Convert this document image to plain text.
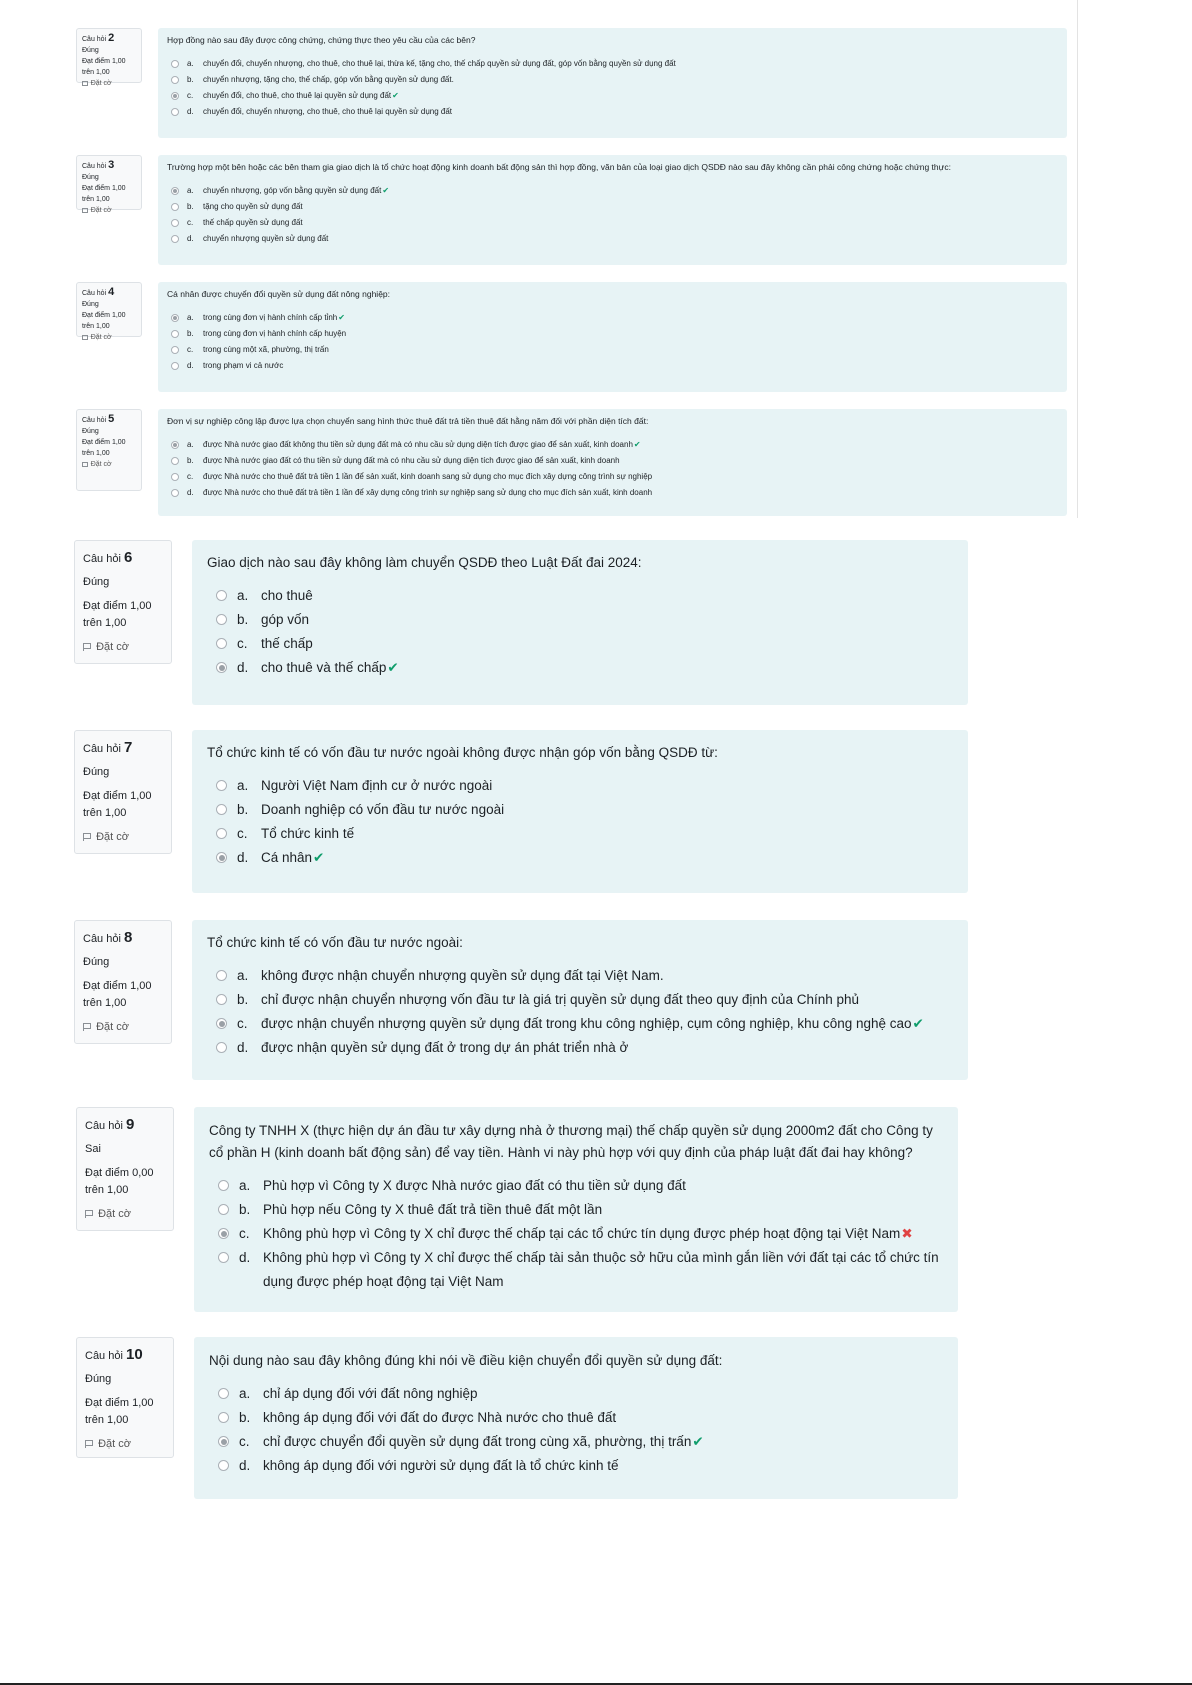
Câu hỏi 2
Đúng
Đạt điểm 1,00
trên 1,00
Đặt cờ
Hợp đồng nào sau đây được công chứng, chứng thực theo yêu cầu của các bên?
a.	chuyển đổi, chuyển nhượng, cho thuê, cho thuê lại, thừa kế, tặng cho, thế chấp quyền sử dụng đất, góp vốn bằng quyền sử dụng đất
b.	chuyển nhượng, tặng cho, thế chấp, góp vốn bằng quyền sử dụng đất.
c.	chuyển đổi, cho thuê, cho thuê lại quyền sử dụng đất✔
d.	chuyển đổi, chuyển nhượng, cho thuê, cho thuê lại quyền sử dụng đất
Câu hỏi 3
Đúng
Đạt điểm 1,00
trên 1,00
Đặt cờ
Trường hợp một bên hoặc các bên tham gia giao dịch là tổ chức hoạt động kinh doanh bất động sản thì hợp đồng, văn bản của loại giao dịch QSDĐ nào sau đây không cần phải công chứng hoặc chứng thực:
a.	chuyển nhượng, góp vốn bằng quyền sử dụng đất✔
b.	tặng cho quyền sử dụng đất
c.	thế chấp quyền sử dụng đất
d.	chuyển nhượng quyền sử dụng đất
Câu hỏi 4
Đúng
Đạt điểm 1,00
trên 1,00
Đặt cờ
Cá nhân được chuyển đổi quyền sử dụng đất nông nghiệp:
a.	trong cùng đơn vị hành chính cấp tỉnh✔
b.	trong cùng đơn vị hành chính cấp huyện
c.	trong cùng một xã, phường, thị trấn
d.	trong phạm vi cả nước
Câu hỏi 5
Đúng
Đạt điểm 1,00
trên 1,00
Đặt cờ
Đơn vị sự nghiệp công lập được lựa chọn chuyển sang hình thức thuê đất trả tiền thuê đất hằng năm đối với phần diện tích đất:
a.	được Nhà nước giao đất không thu tiền sử dụng đất mà có nhu cầu sử dụng diện tích được giao để sản xuất, kinh doanh✔
b.	được Nhà nước giao đất có thu tiền sử dụng đất mà có nhu cầu sử dụng diện tích được giao để sản xuất, kinh doanh
c.	được Nhà nước cho thuê đất trả tiền 1 lần để sản xuất, kinh doanh sang sử dụng cho mục đích xây dựng công trình sự nghiệp
d.	được Nhà nước cho thuê đất trả tiền 1 lần để xây dựng công trình sự nghiệp sang sử dụng cho mục đích sản xuất, kinh doanh
Câu hỏi 6
Đúng
Đạt điểm 1,00
trên 1,00
Đặt cờ
Giao dịch nào sau đây không làm chuyển QSDĐ theo Luật Đất đai 2024:
a. cho thuê
b. góp vốn
c. thế chấp
d. cho thuê và thế chấp✔
Câu hỏi 7
Đúng
Đạt điểm 1,00
trên 1,00
Đặt cờ
Tổ chức kinh tế có vốn đầu tư nước ngoài không được nhận góp vốn bằng QSDĐ từ:
a. Người Việt Nam định cư ở nước ngoài
b. Doanh nghiệp có vốn đầu tư nước ngoài
c. Tổ chức kinh tế
d. Cá nhân✔
Câu hỏi 8
Đúng
Đạt điểm 1,00
trên 1,00
Đặt cờ
Tổ chức kinh tế có vốn đầu tư nước ngoài:
a. không được nhận chuyển nhượng quyền sử dụng đất tại Việt Nam.
b. chỉ được nhận chuyển nhượng vốn đầu tư là giá trị quyền sử dụng đất theo quy định của Chính phủ
c. được nhận chuyển nhượng quyền sử dụng đất trong khu công nghiệp, cụm công nghiệp, khu công nghệ cao✔
d. được nhận quyền sử dụng đất ở trong dự án phát triển nhà ở
Câu hỏi 9
Sai
Đạt điểm 0,00
trên 1,00
Đặt cờ
Công ty TNHH X (thực hiện dự án đầu tư xây dựng nhà ở thương mại) thế chấp quyền sử dụng 2000m2 đất cho Công ty cổ phần H (kinh doanh bất động sản) để vay tiền. Hành vi này phù hợp với quy định của pháp luật đất đai hay không?
a. Phù hợp vì Công ty X được Nhà nước giao đất có thu tiền sử dụng đất
b. Phù hợp nếu Công ty X thuê đất trả tiền thuê đất một lần
c. Không phù hợp vì Công ty X chỉ được thế chấp tại các tổ chức tín dụng được phép hoạt động tại Việt Nam✖
d. Không phù hợp vì Công ty X chỉ được thế chấp tài sản thuộc sở hữu của mình gắn liền với đất tại các tổ chức tín dụng được phép hoạt động tại Việt Nam
Câu hỏi 10
Đúng
Đạt điểm 1,00
trên 1,00
Đặt cờ
Nội dung nào sau đây không đúng khi nói về điều kiện chuyển đổi quyền sử dụng đất:
a. chỉ áp dụng đối với đất nông nghiệp
b. không áp dụng đối với đất do được Nhà nước cho thuê đất
c. chỉ được chuyển đổi quyền sử dụng đất trong cùng xã, phường, thị trấn✔
d. không áp dụng đối với người sử dụng đất là tổ chức kinh tế
